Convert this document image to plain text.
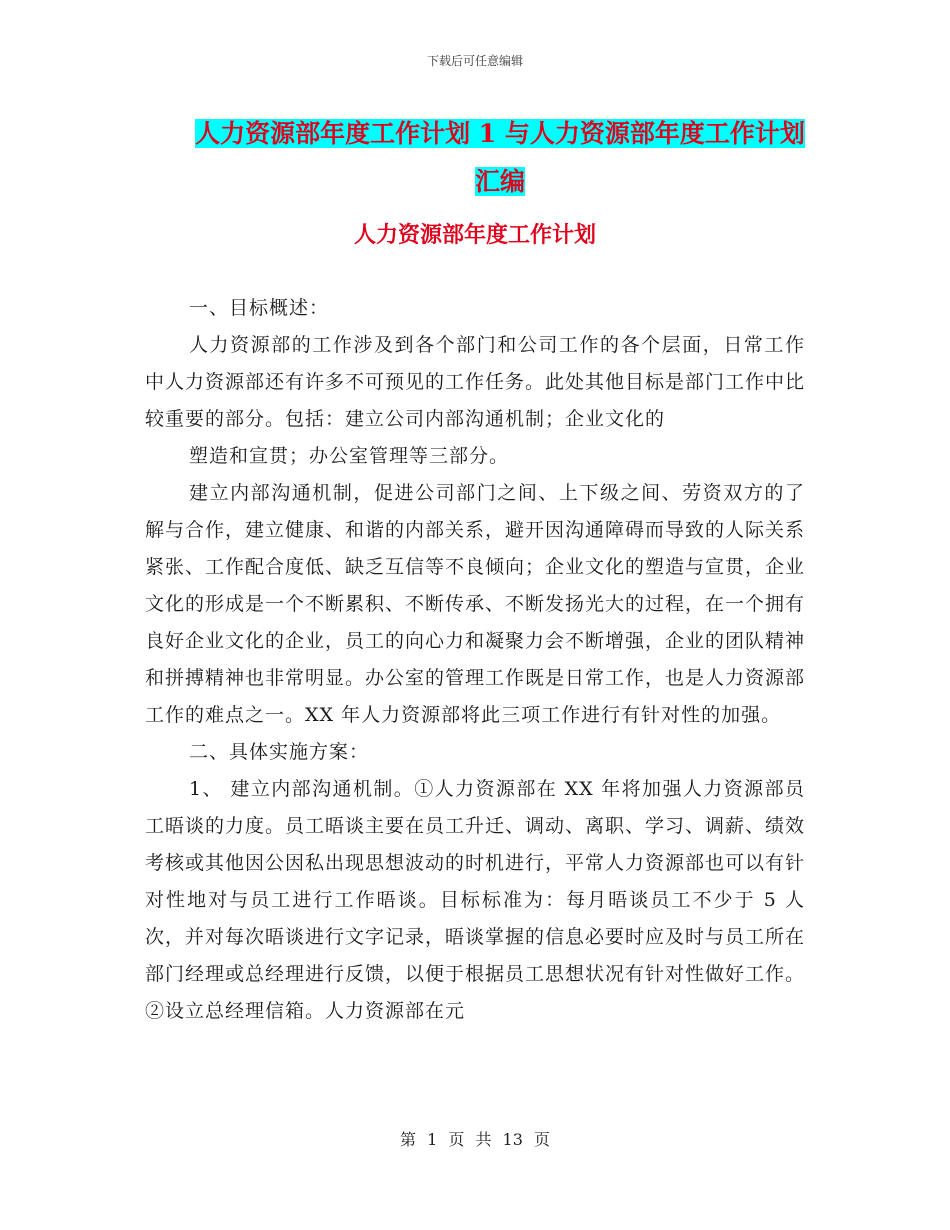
下载后可任意编辑
人力资源部年度工作计划 1 与人力资源部年度工作计划汇编
人力资源部年度工作计划

一、目标概述：

人力资源部的工作涉及到各个部门和公司工作的各个层面，日常工作中人力资源部还有许多不可预见的工作任务。此处其他目标是部门工作中比较重要的部分。包括：建立公司内部沟通机制；企业文化的

塑造和宣贯；办公室管理等三部分。

建立内部沟通机制，促进公司部门之间、上下级之间、劳资双方的了解与合作，建立健康、和谐的内部关系，避开因沟通障碍而导致的人际关系紧张、工作配合度低、缺乏互信等不良倾向；企业文化的塑造与宣贯，企业文化的形成是一个不断累积、不断传承、不断发扬光大的过程，在一个拥有良好企业文化的企业，员工的向心力和凝聚力会不断增强，企业的团队精神和拼搏精神也非常明显。办公室的管理工作既是日常工作，也是人力资源部工作的难点之一。XX 年人力资源部将此三项工作进行有针对性的加强。

二、具体实施方案：

1、 建立内部沟通机制。①人力资源部在 XX 年将加强人力资源部员工晤谈的力度。员工晤谈主要在员工升迁、调动、离职、学习、调薪、绩效考核或其他因公因私出现思想波动的时机进行，平常人力资源部也可以有针对性地对与员工进行工作晤谈。目标标准为：每月晤谈员工不少于 5 人次，并对每次晤谈进行文字记录，晤谈掌握的信息必要时应及时与员工所在部门经理或总经理进行反馈，以便于根据员工思想状况有针对性做好工作。②设立总经理信箱。人力资源部在元

第 1 页 共 13 页
